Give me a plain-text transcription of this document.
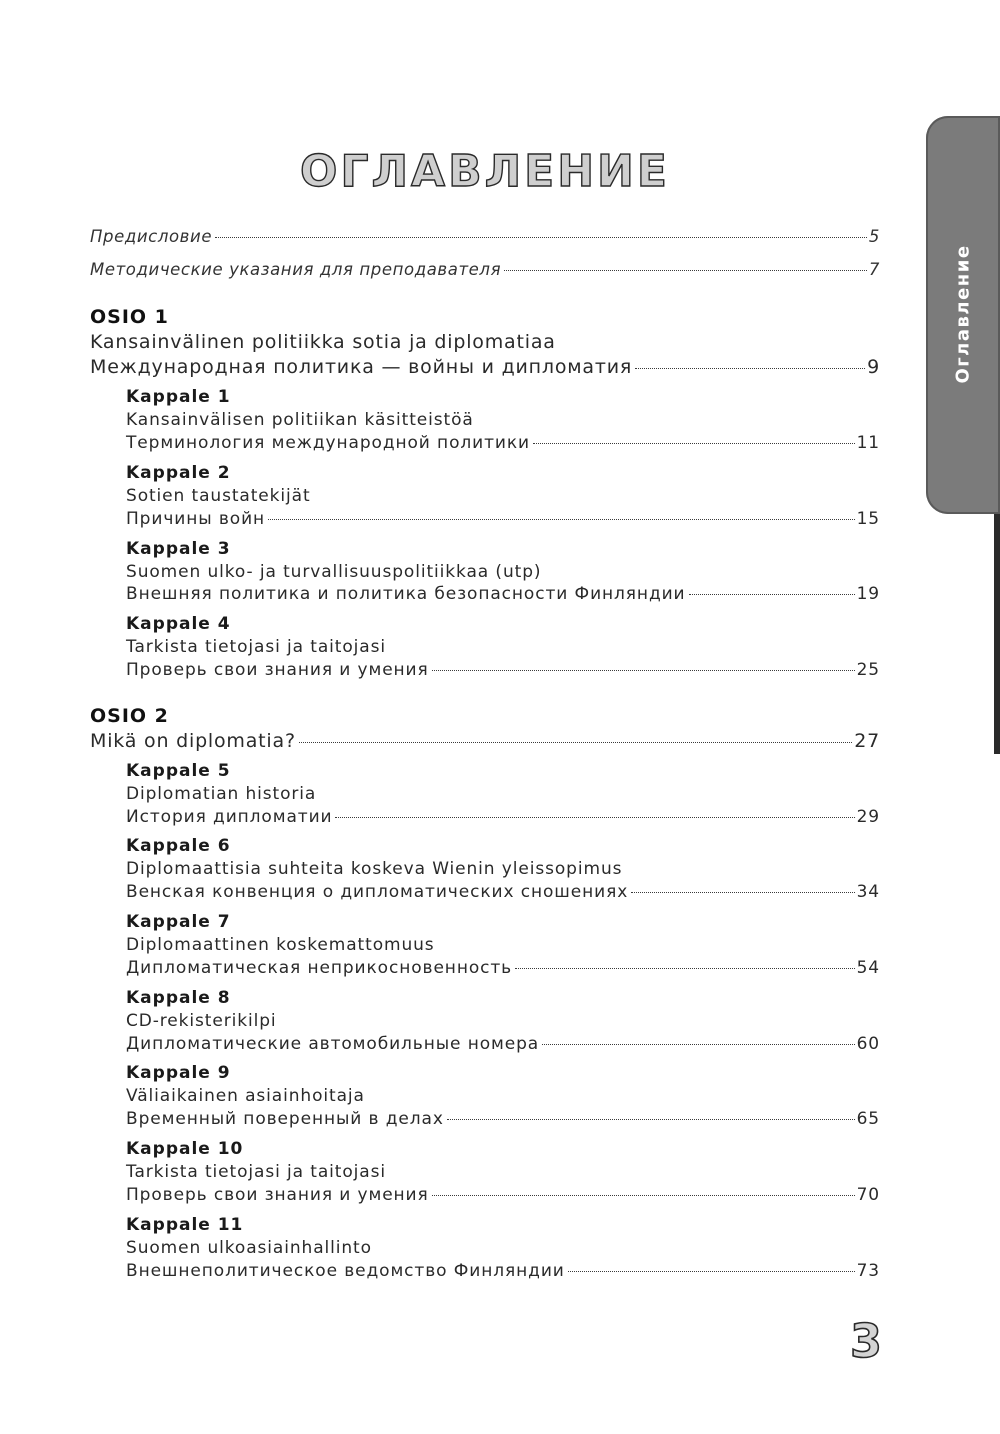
Оглавление
ОГЛАВЛЕНИЕ
Предисловие	5
Методические указания для преподавателя	7
OSIO 1
Kansainvälinen politiikka sotia ja diplomatiaa
Международная политика — войны и дипломатия	9
Kappale 1
Kansainvälisen politiikan käsitteistöä
Терминология международной политики	11
Kappale 2
Sotien taustatekijät
Причины войн	15
Kappale 3
Suomen ulko- ja turvallisuuspolitiikkaa (utp)
Внешняя политика и политика безопасности Финляндии	19
Kappale 4
Tarkista tietojasi ja taitojasi
Проверь свои знания и умения	25
OSIO 2
Mikä on diplomatia?	27
Kappale 5
Diplomatian historia
История дипломатии	29
Kappale 6
Diplomaattisia suhteita koskeva Wienin yleissopimus
Венская конвенция о дипломатических сношениях	34
Kappale 7
Diplomaattinen koskemattomuus
Дипломатическая неприкосновенность	54
Kappale 8
CD-rekisterikilpi
Дипломатические автомобильные номера	60
Kappale 9
Väliaikainen asiainhoitaja
Временный поверенный в делах	65
Kappale 10
Tarkista tietojasi ja taitojasi
Проверь свои знания и умения	70
Kappale 11
Suomen ulkoasiainhallinto
Внешнеполитическое ведомство Финляндии	73
3
